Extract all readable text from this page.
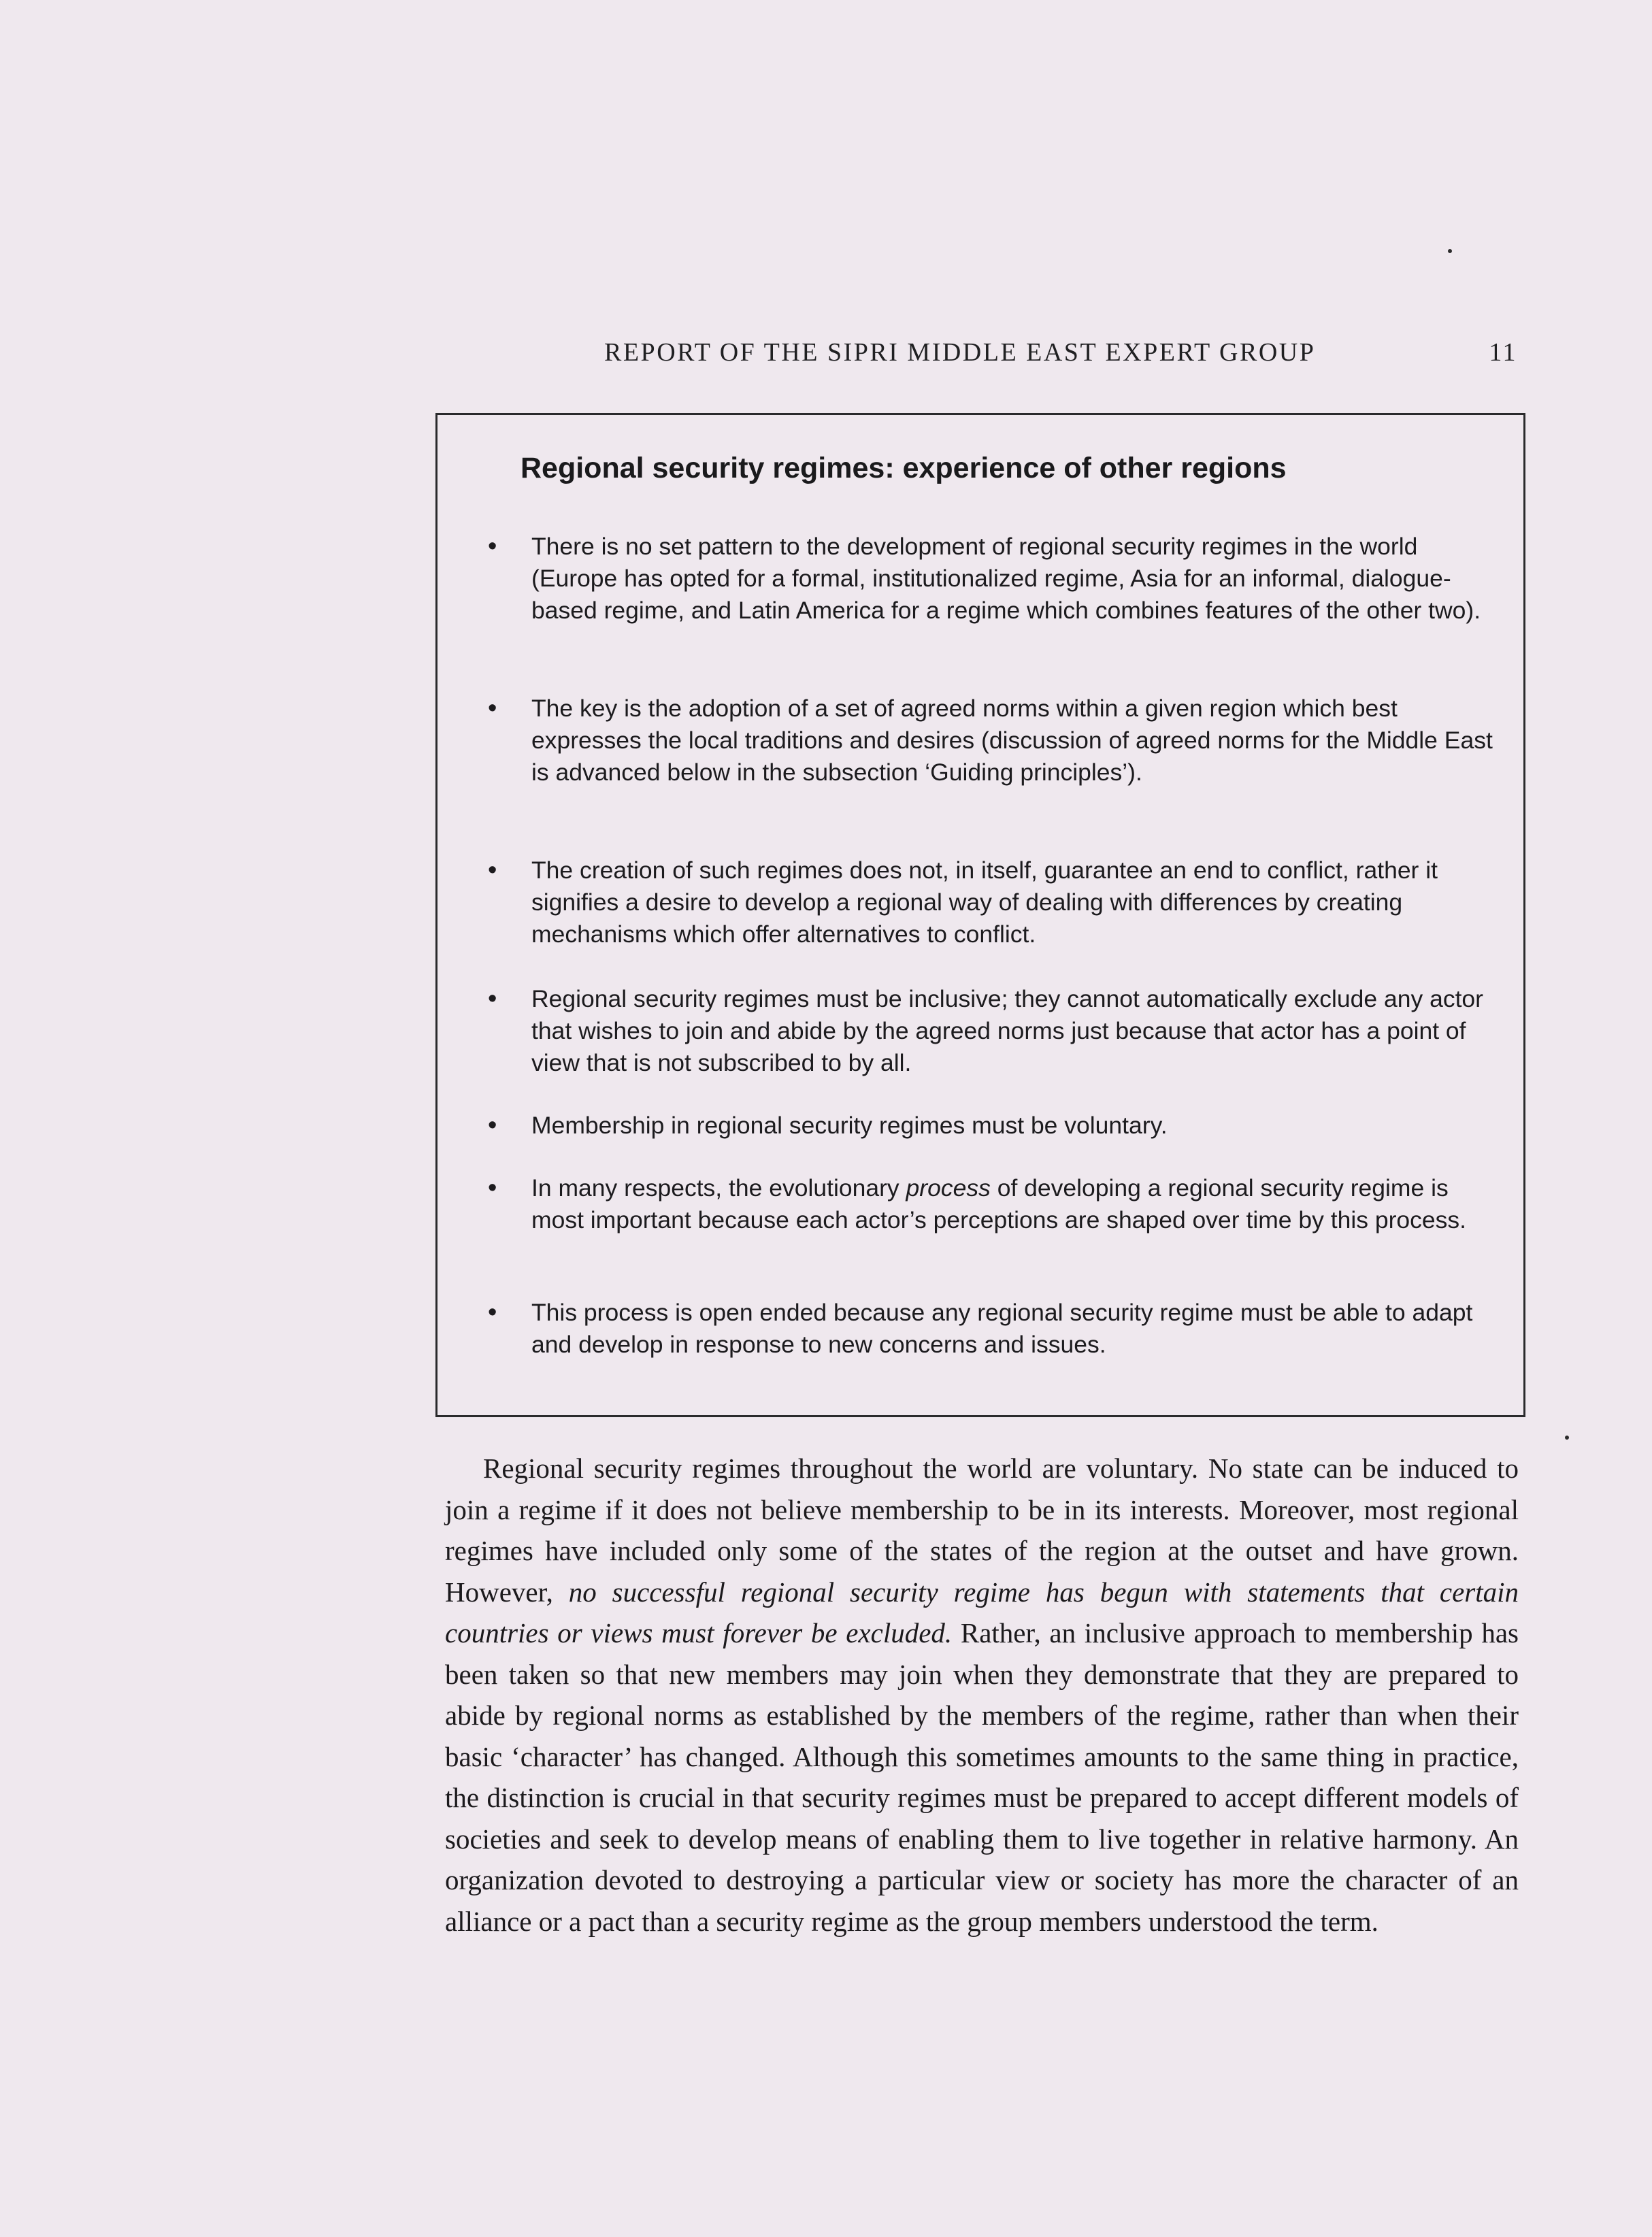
REPORT OF THE SIPRI MIDDLE EAST EXPERT GROUP	11
Regional security regimes: experience of other regions
• There is no set pattern to the development of regional security regimes in the world (Europe has opted for a formal, institutionalized regime, Asia for an informal, dialogue-based regime, and Latin America for a regime which combines features of the other two).
• The key is the adoption of a set of agreed norms within a given region which best expresses the local traditions and desires (discussion of agreed norms for the Middle East is advanced below in the subsection ‘Guiding principles’).
• The creation of such regimes does not, in itself, guarantee an end to conflict, rather it signifies a desire to develop a regional way of dealing with differences by creating mechanisms which offer alternatives to conflict.
• Regional security regimes must be inclusive; they cannot automatically exclude any actor that wishes to join and abide by the agreed norms just because that actor has a point of view that is not subscribed to by all.
• Membership in regional security regimes must be voluntary.
• In many respects, the evolutionary process of developing a regional security regime is most important because each actor’s perceptions are shaped over time by this process.
• This process is open ended because any regional security regime must be able to adapt and develop in response to new concerns and issues.

Regional security regimes throughout the world are voluntary. No state can be induced to join a regime if it does not believe membership to be in its interests. Moreover, most regional regimes have included only some of the states of the region at the outset and have grown. However, no successful regional security regime has begun with statements that certain countries or views must forever be excluded. Rather, an inclusive approach to membership has been taken so that new members may join when they demonstrate that they are prepared to abide by regional norms as established by the members of the regime, rather than when their basic ‘character’ has changed. Although this sometimes amounts to the same thing in practice, the distinction is crucial in that security regimes must be prepared to accept different models of societies and seek to develop means of enabling them to live together in relative harmony. An organization devoted to destroying a particular view or society has more the character of an alliance or a pact than a security regime as the group members understood the term.
